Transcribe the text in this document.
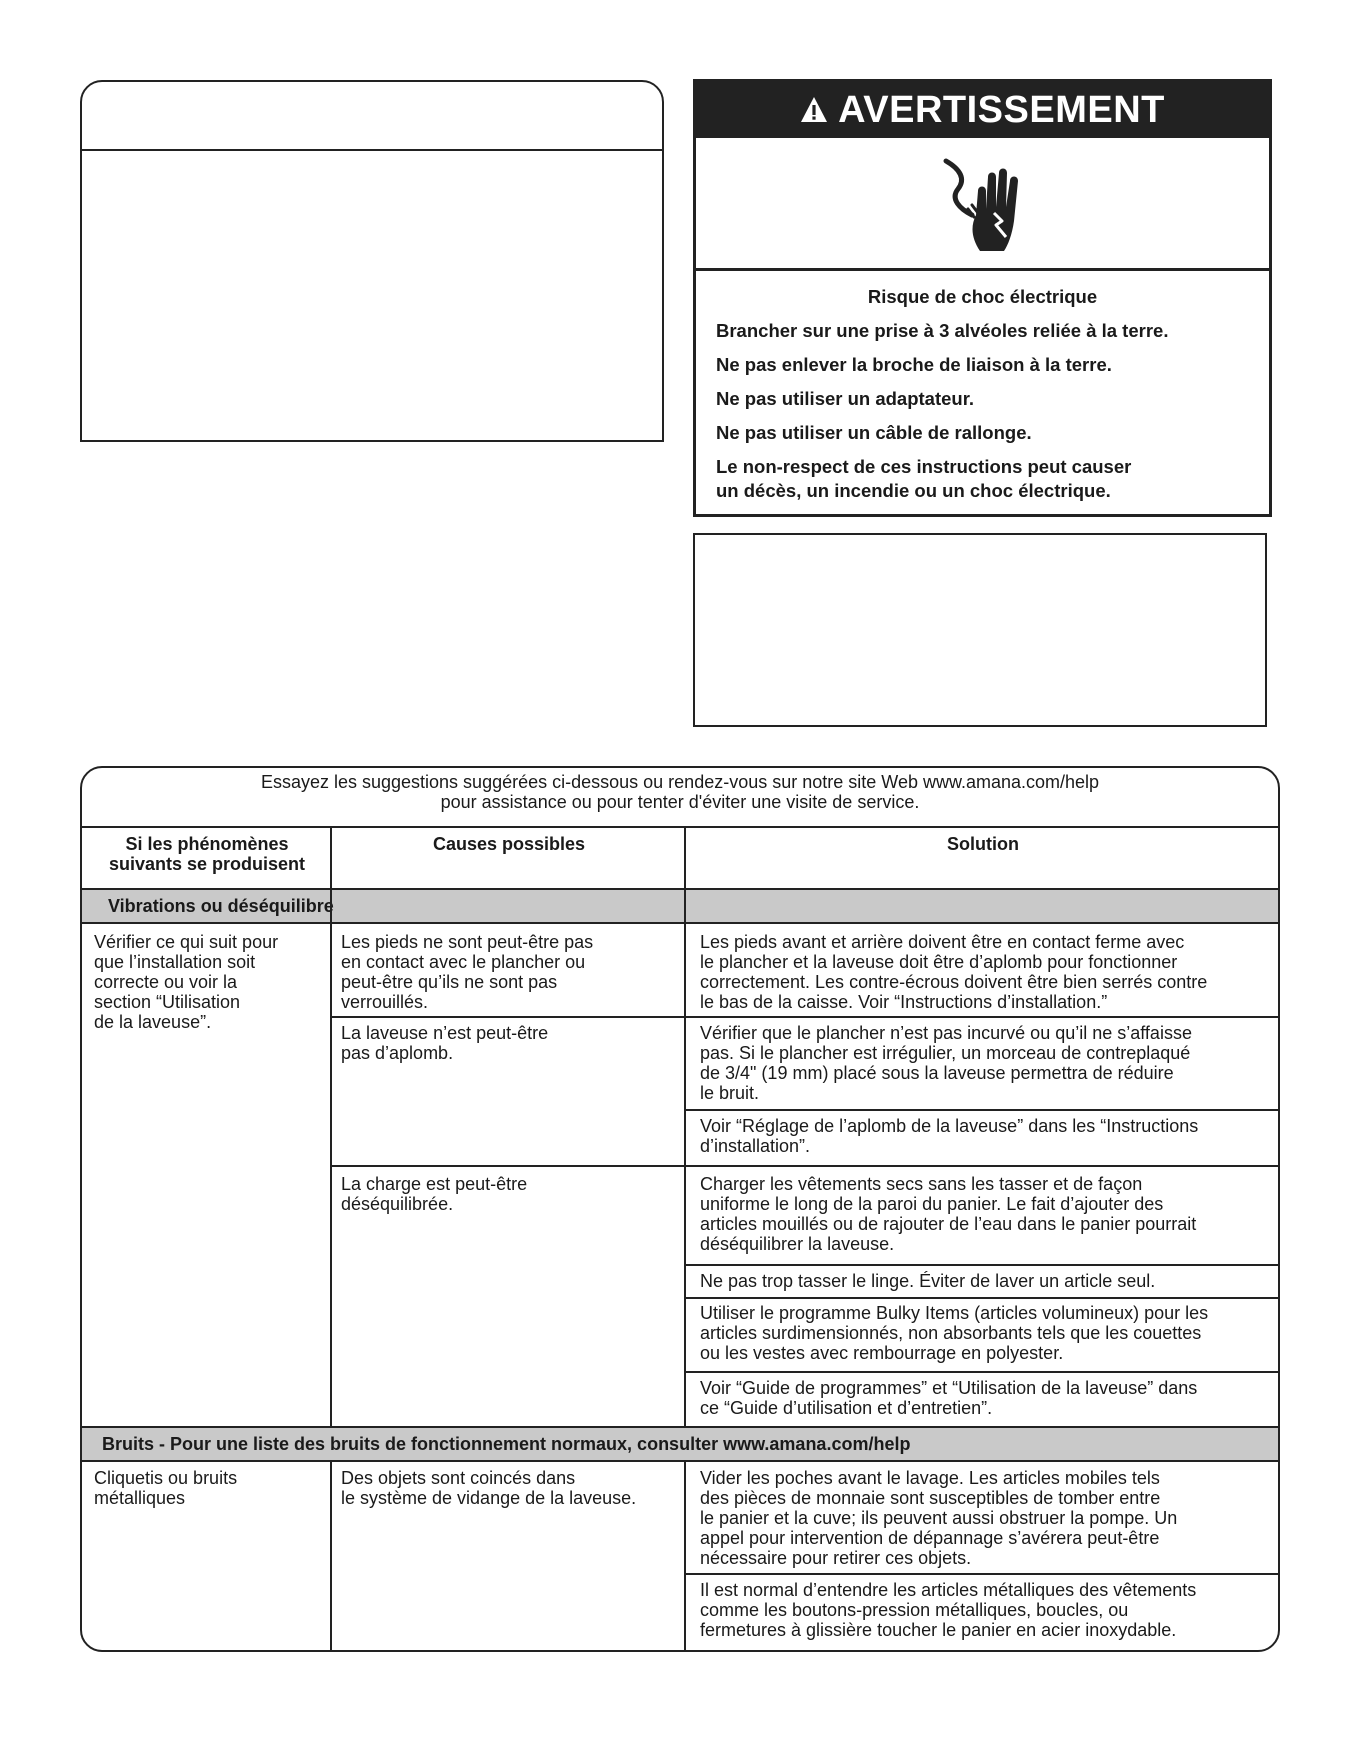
AVERTISSEMENT
Risque de choc électrique
Brancher sur une prise à 3 alvéoles reliée à la terre.
Ne pas enlever la broche de liaison à la terre.
Ne pas utiliser un adaptateur.
Ne pas utiliser un câble de rallonge.
Le non-respect de ces instructions peut causer
un décès, un incendie ou un choc électrique.
Essayez les suggestions suggérées ci-dessous ou rendez-vous sur notre site Web www.amana.com/help
pour assistance ou pour tenter d'éviter une visite de service.
Si les phénomènes
suivants se produisent
Causes possibles	Solution
Vibrations ou déséquilibre
Vérifier ce qui suit pour
que l’installation soit
correcte ou voir la
section “Utilisation
de la laveuse”.
Les pieds ne sont peut-être pas
en contact avec le plancher ou
peut-être qu’ils ne sont pas
verrouillés.
Les pieds avant et arrière doivent être en contact ferme avec
le plancher et la laveuse doit être d’aplomb pour fonctionner
correctement. Les contre-écrous doivent être bien serrés contre
le bas de la caisse. Voir “Instructions d’installation.”
La laveuse n’est peut-être
pas d’aplomb.
Vérifier que le plancher n’est pas incurvé ou qu’il ne s’affaisse
pas. Si le plancher est irrégulier, un morceau de contreplaqué
de 3/4" (19 mm) placé sous la laveuse permettra de réduire
le bruit.
Voir “Réglage de l’aplomb de la laveuse” dans les “Instructions
d’installation”.
La charge est peut-être
déséquilibrée.
Charger les vêtements secs sans les tasser et de façon
uniforme le long de la paroi du panier. Le fait d’ajouter des
articles mouillés ou de rajouter de l’eau dans le panier pourrait
déséquilibrer la laveuse.
Ne pas trop tasser le linge. Éviter de laver un article seul.
Utiliser le programme Bulky Items (articles volumineux) pour les
articles surdimensionnés, non absorbants tels que les couettes
ou les vestes avec rembourrage en polyester.
Voir “Guide de programmes” et “Utilisation de la laveuse” dans
ce “Guide d’utilisation et d’entretien”.
Bruits - Pour une liste des bruits de fonctionnement normaux, consulter www.amana.com/help
Cliquetis ou bruits
métalliques
Des objets sont coincés dans
le système de vidange de la laveuse.
Vider les poches avant le lavage. Les articles mobiles tels
des pièces de monnaie sont susceptibles de tomber entre
le panier et la cuve; ils peuvent aussi obstruer la pompe. Un
appel pour intervention de dépannage s’avérera peut-être
nécessaire pour retirer ces objets.
Il est normal d’entendre les articles métalliques des vêtements
comme les boutons-pression métalliques, boucles, ou
fermetures à glissière toucher le panier en acier inoxydable.
